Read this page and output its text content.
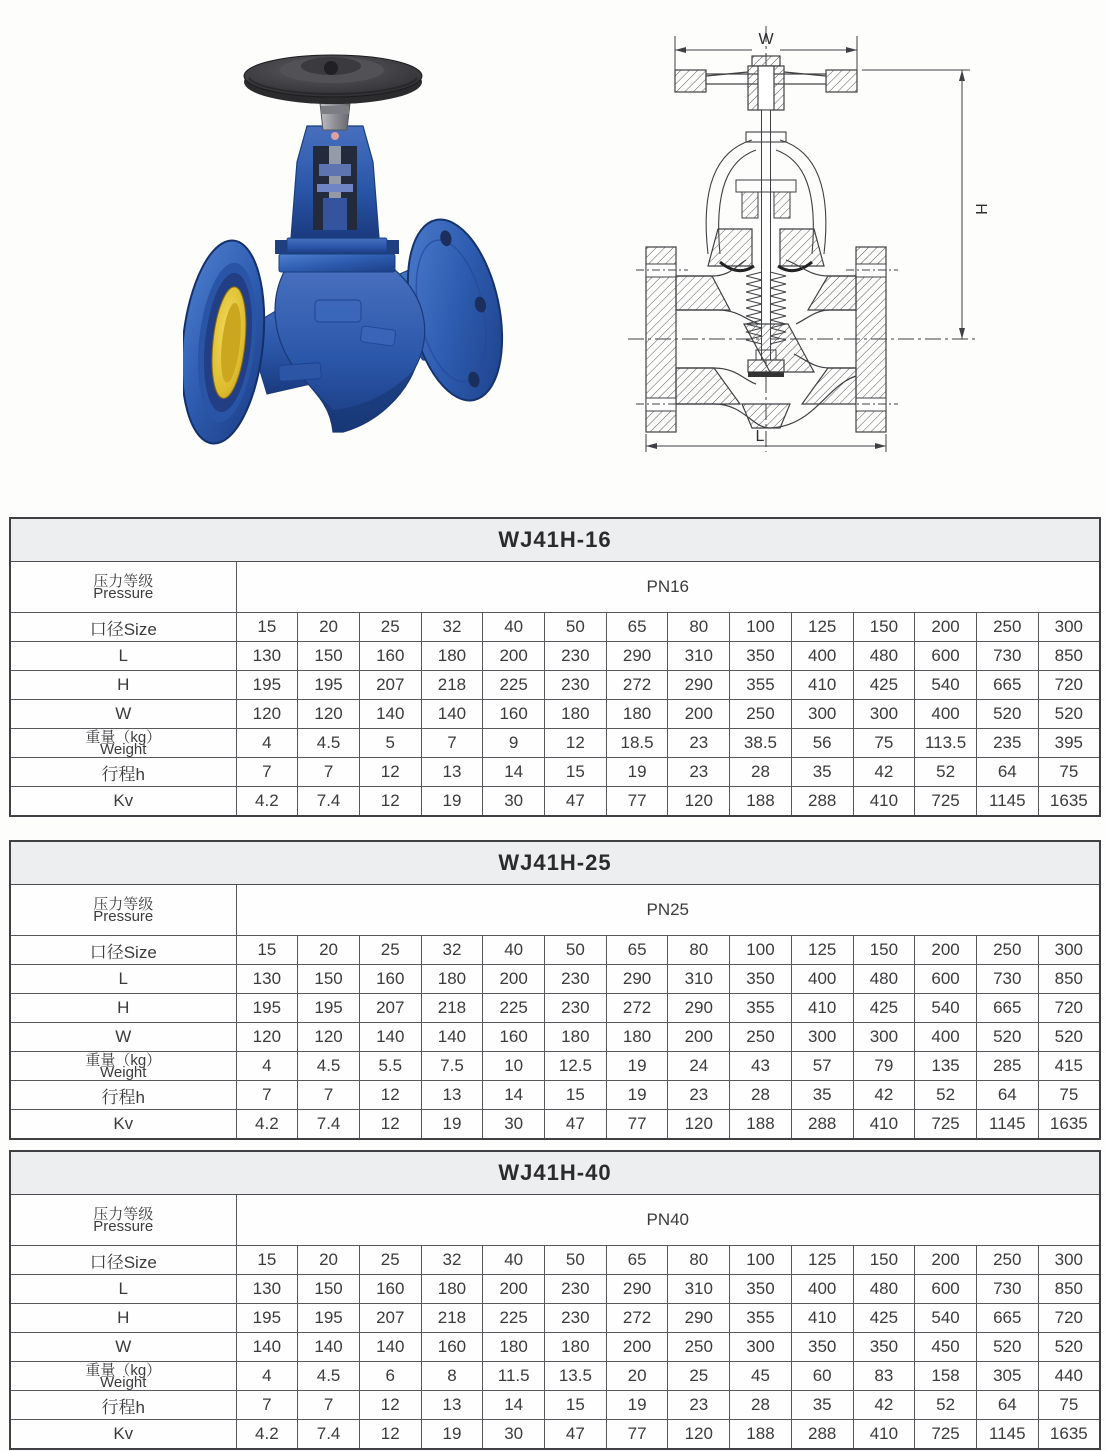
W
H
L
WJ41H-16														

压力等级
Pressure	PN16													
口径Size	15	20	25	32	40	50	65	80	100	125	150	200	250	300
L	130	150	160	180	200	230	290	310	350	400	480	600	730	850
H	195	195	207	218	225	230	272	290	355	410	425	540	665	720
W	120	120	140	140	160	180	180	200	250	300	300	400	520	520

重量（kg）
Weight	4	4.5	5	7	9	12	18.5	23	38.5	56	75	113.5	235	395
行程h	7	7	12	13	14	15	19	23	28	35	42	52	64	75
Kv	4.2	7.4	12	19	30	47	77	120	188	288	410	725	1145	1635
WJ41H-25														

压力等级
Pressure	PN25													
口径Size	15	20	25	32	40	50	65	80	100	125	150	200	250	300
L	130	150	160	180	200	230	290	310	350	400	480	600	730	850
H	195	195	207	218	225	230	272	290	355	410	425	540	665	720
W	120	120	140	140	160	180	180	200	250	300	300	400	520	520

重量（kg）
Weight	4	4.5	5.5	7.5	10	12.5	19	24	43	57	79	135	285	415
行程h	7	7	12	13	14	15	19	23	28	35	42	52	64	75
Kv	4.2	7.4	12	19	30	47	77	120	188	288	410	725	1145	1635
WJ41H-40														

压力等级
Pressure	PN40													
口径Size	15	20	25	32	40	50	65	80	100	125	150	200	250	300
L	130	150	160	180	200	230	290	310	350	400	480	600	730	850
H	195	195	207	218	225	230	272	290	355	410	425	540	665	720
W	140	140	140	160	180	180	200	250	300	350	350	450	520	520

重量（kg）
Weight	4	4.5	6	8	11.5	13.5	20	25	45	60	83	158	305	440
行程h	7	7	12	13	14	15	19	23	28	35	42	52	64	75
Kv	4.2	7.4	12	19	30	47	77	120	188	288	410	725	1145	1635
